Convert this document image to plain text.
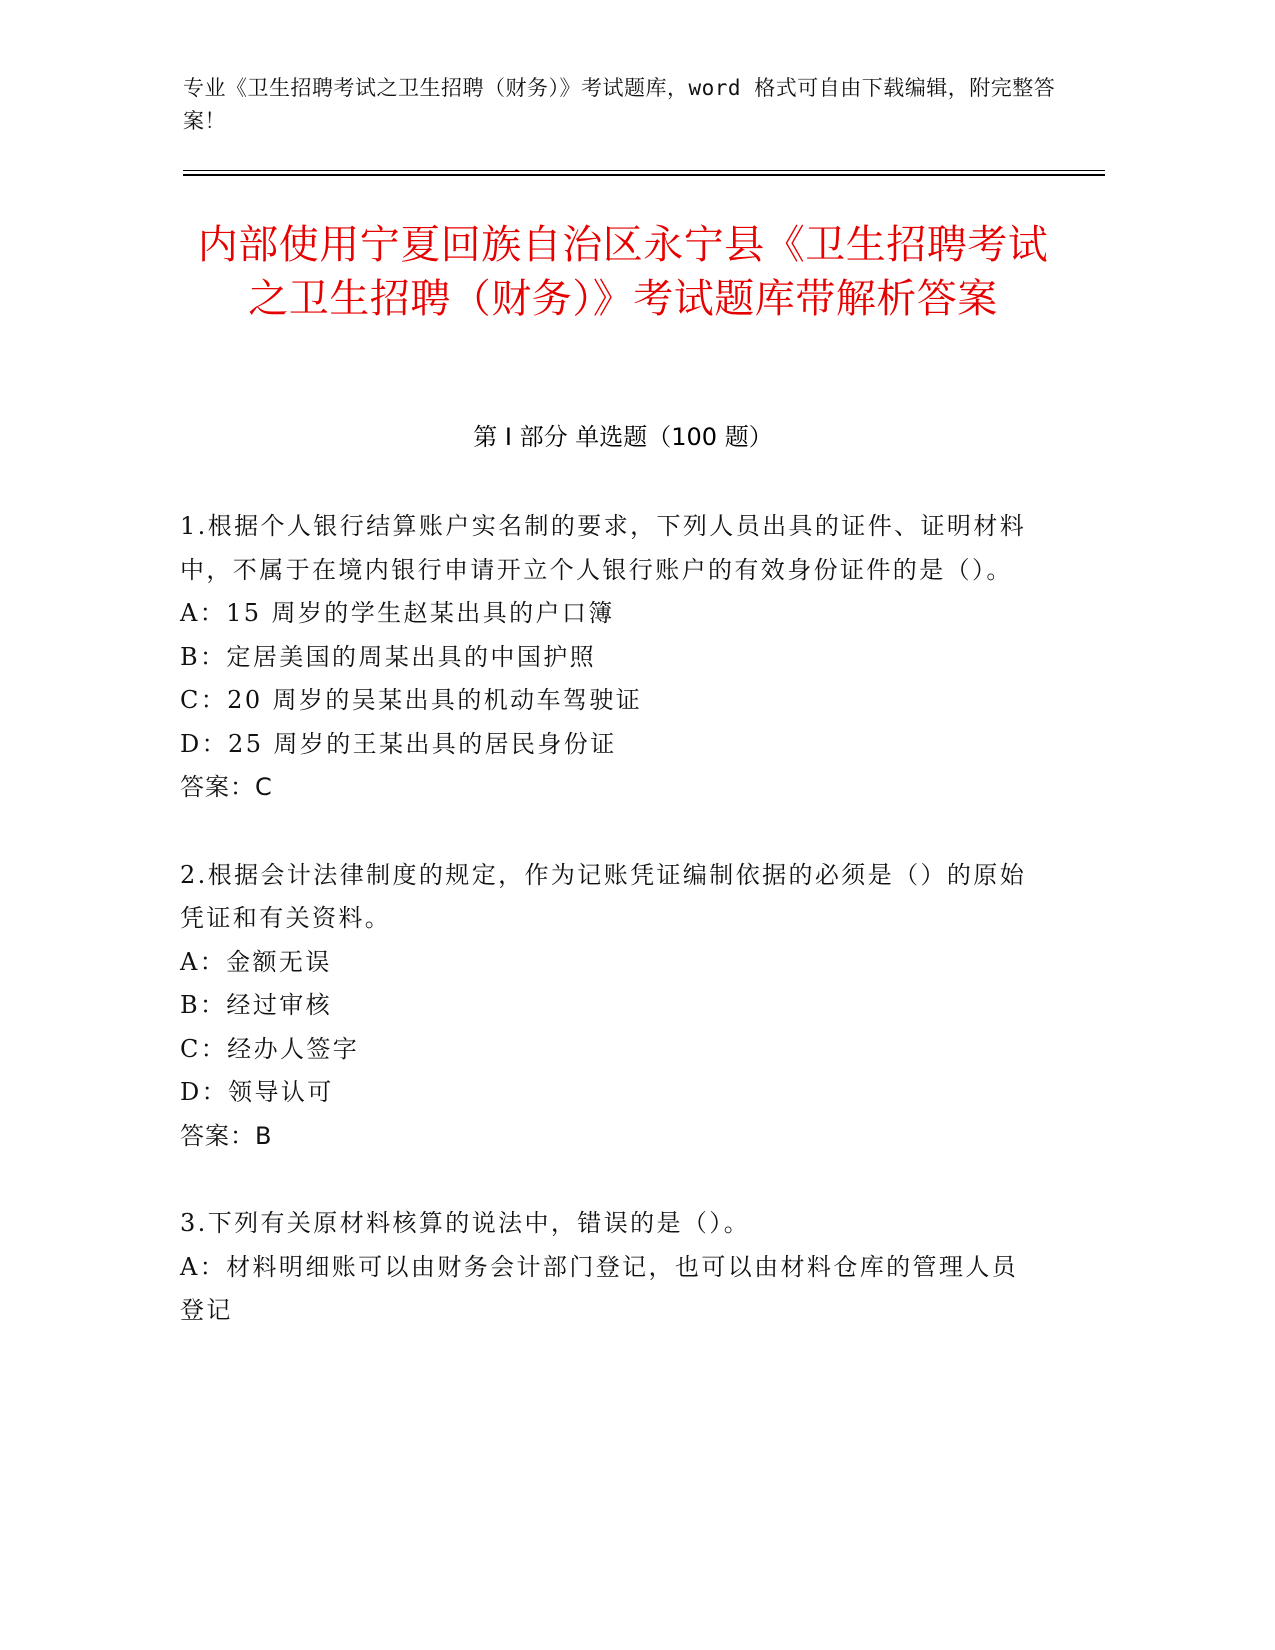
专业《卫生招聘考试之卫生招聘（财务）》考试题库，word 格式可自由下载编辑，附完整答案！
内部使用宁夏回族自治区永宁县《卫生招聘考试之卫生招聘（财务）》考试题库带解析答案
第 I 部分 单选题（100 题）

1.根据个人银行结算账户实名制的要求，下列人员出具的证件、证明材料中，不属于在境内银行申请开立个人银行账户的有效身份证件的是（）。

A：15 周岁的学生赵某出具的户口簿

B：定居美国的周某出具的中国护照

C：20 周岁的吴某出具的机动车驾驶证

D：25 周岁的王某出具的居民身份证

答案：C

2.根据会计法律制度的规定，作为记账凭证编制依据的必须是（）的原始凭证和有关资料。

A：金额无误

B：经过审核

C：经办人签字

D：领导认可

答案：B

3.下列有关原材料核算的说法中，错误的是（）。

A：材料明细账可以由财务会计部门登记，也可以由材料仓库的管理人员登记
